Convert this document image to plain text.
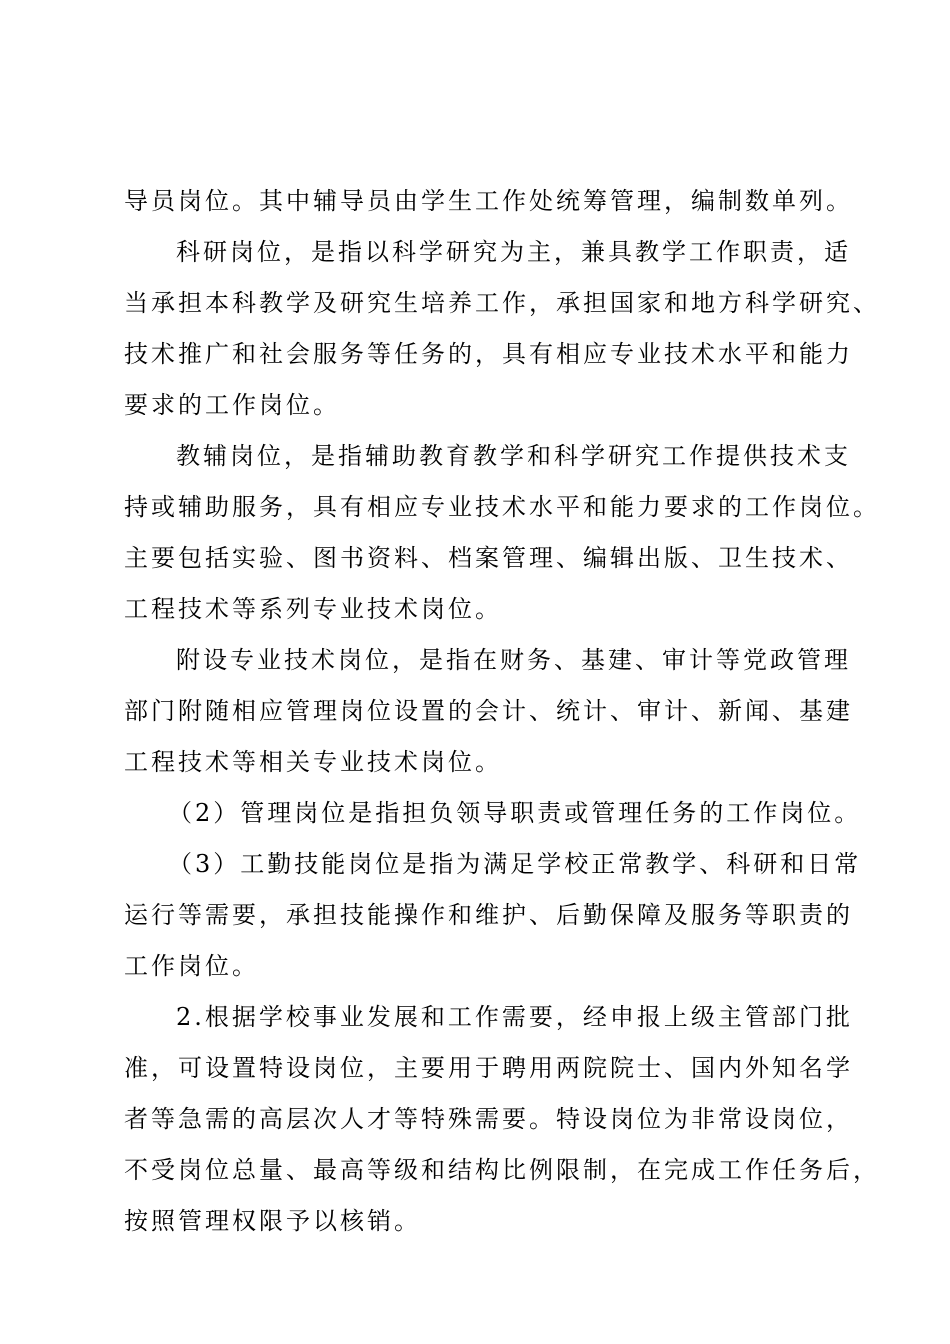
导员岗位。其中辅导员由学生工作处统筹管理，编制数单列。
科研岗位，是指以科学研究为主，兼具教学工作职责，适
当承担本科教学及研究生培养工作，承担国家和地方科学研究、
技术推广和社会服务等任务的，具有相应专业技术水平和能力
要求的工作岗位。
教辅岗位，是指辅助教育教学和科学研究工作提供技术支
持或辅助服务，具有相应专业技术水平和能力要求的工作岗位。
主要包括实验、图书资料、档案管理、编辑出版、卫生技术、
工程技术等系列专业技术岗位。
附设专业技术岗位，是指在财务、基建、审计等党政管理
部门附随相应管理岗位设置的会计、统计、审计、新闻、基建
工程技术等相关专业技术岗位。
（2）管理岗位是指担负领导职责或管理任务的工作岗位。
（3）工勤技能岗位是指为满足学校正常教学、科研和日常
运行等需要，承担技能操作和维护、后勤保障及服务等职责的
工作岗位。
2.根据学校事业发展和工作需要，经申报上级主管部门批
准，可设置特设岗位，主要用于聘用两院院士、国内外知名学
者等急需的高层次人才等特殊需要。特设岗位为非常设岗位，
不受岗位总量、最高等级和结构比例限制，在完成工作任务后，
按照管理权限予以核销。
